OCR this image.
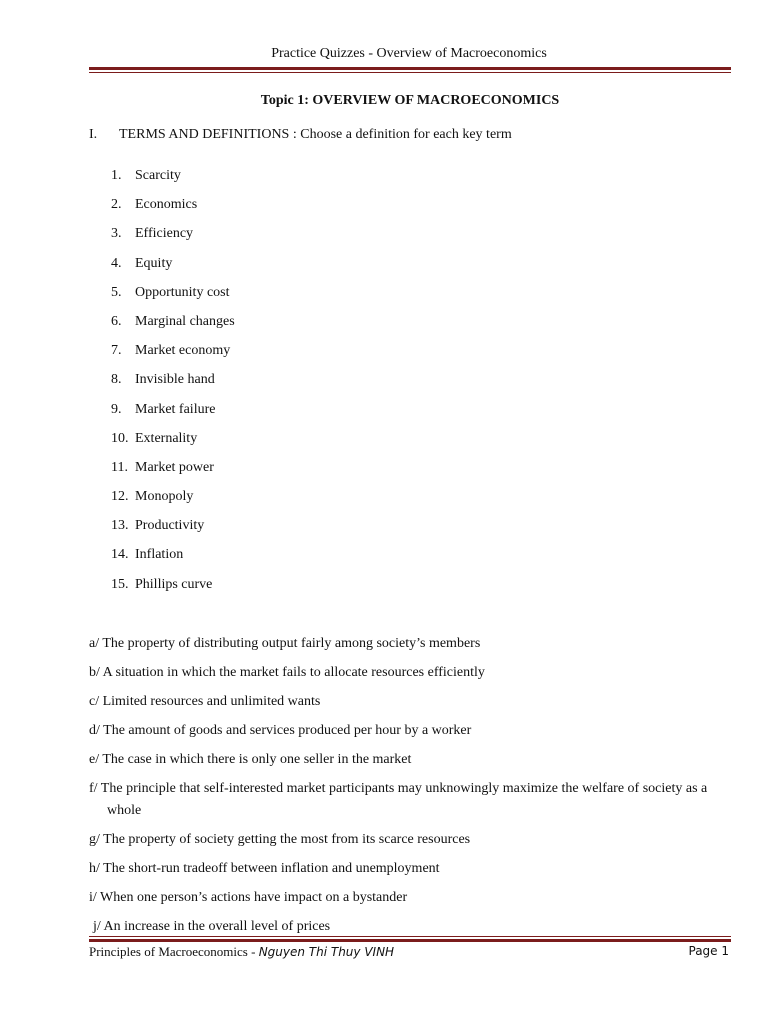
Practice Quizzes - Overview of Macroeconomics
Topic 1: OVERVIEW OF MACROECONOMICS
I. TERMS AND DEFINITIONS : Choose a definition for each key term
1. Scarcity
2. Economics
3. Efficiency
4. Equity
5. Opportunity cost
6. Marginal changes
7. Market economy
8. Invisible hand
9. Market failure
10. Externality
11. Market power
12. Monopoly
13. Productivity
14. Inflation
15. Phillips curve
a/ The property of distributing output fairly among society’s members
b/ A situation in which the market fails to allocate resources efficiently
c/ Limited resources and unlimited wants
d/ The amount of goods and services produced per hour by a worker
e/ The case in which there is only one seller in the market
f/ The principle that self-interested market participants may unknowingly maximize the welfare of society as a whole
g/ The property of society getting the most from its scarce resources
h/ The short-run tradeoff between inflation and unemployment
i/ When one person’s actions have impact on a bystander
j/ An increase in the overall level of prices
Principles of Macroeconomics - Nguyen Thi Thuy VINH	Page 1
